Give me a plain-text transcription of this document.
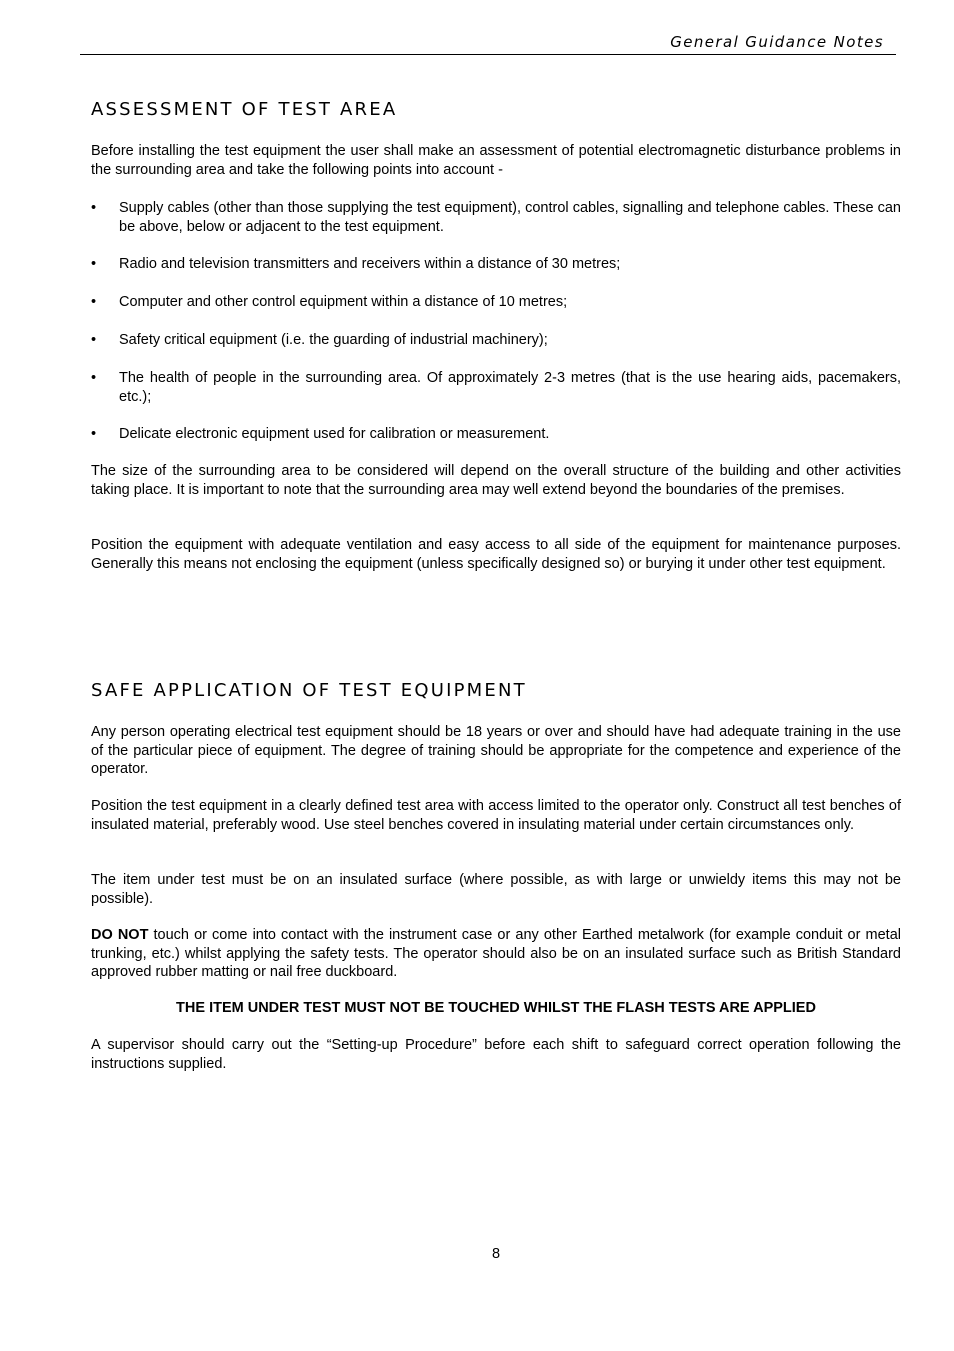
General Guidance Notes
ASSESSMENT OF TEST AREA

Before installing the test equipment the user shall make an assessment of potential electromagnetic disturbance problems in the surrounding area and take the following points into account -

• Supply cables (other than those supplying the test equipment), control cables, signalling and telephone cables. These can be above, below or adjacent to the test equipment.
• Radio and television transmitters and receivers within a distance of 30 metres;
• Computer and other control equipment within a distance of 10 metres;
• Safety critical equipment (i.e. the guarding of industrial machinery);
• The health of people in the surrounding area. Of approximately 2-3 metres (that is the use hearing aids, pacemakers, etc.);
• Delicate electronic equipment used for calibration or measurement.

The size of the surrounding area to be considered will depend on the overall structure of the building and other activities taking place. It is important to note that the surrounding area may well extend beyond the boundaries of the premises.

Position the equipment with adequate ventilation and easy access to all side of the equipment for maintenance purposes. Generally this means not enclosing the equipment (unless specifically designed so) or burying it under other test equipment.

SAFE APPLICATION OF TEST EQUIPMENT

Any person operating electrical test equipment should be 18 years or over and should have had adequate training in the use of the particular piece of equipment. The degree of training should be appropriate for the competence and experience of the operator.

Position the test equipment in a clearly defined test area with access limited to the operator only. Construct all test benches of insulated material, preferably wood. Use steel benches covered in insulating material under certain circumstances only.

The item under test must be on an insulated surface (where possible, as with large or unwieldy items this may not be possible).

DO NOT touch or come into contact with the instrument case or any other Earthed metalwork (for example conduit or metal trunking, etc.) whilst applying the safety tests. The operator should also be on an insulated surface such as British Standard approved rubber matting or nail free duckboard.

THE ITEM UNDER TEST MUST NOT BE TOUCHED WHILST THE FLASH TESTS ARE APPLIED

A supervisor should carry out the “Setting-up Procedure” before each shift to safeguard correct operation following the instructions supplied.

8
